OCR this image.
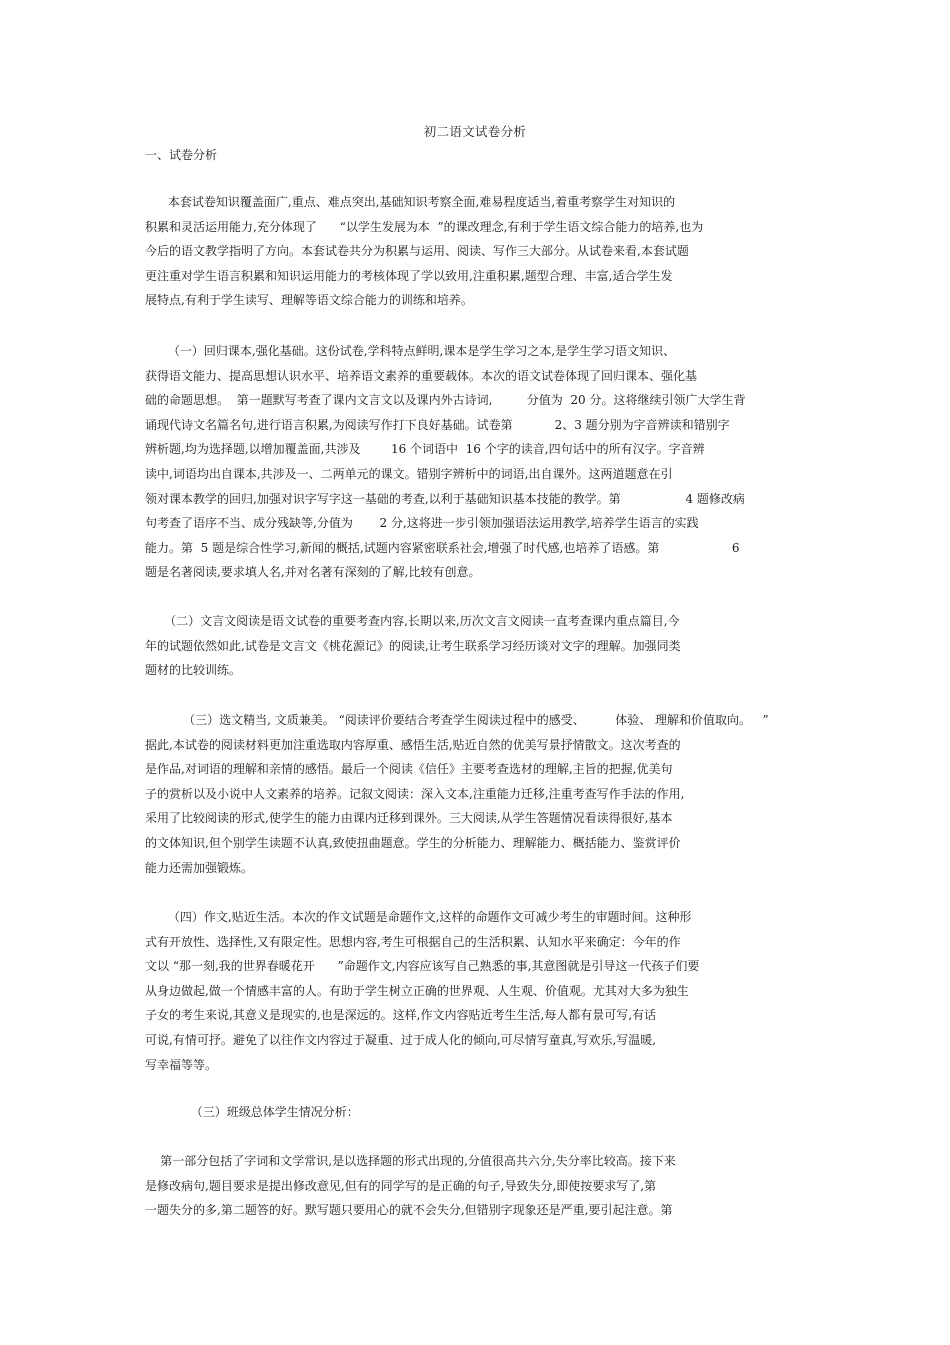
初二语文试卷分析
一、试卷分析
本套试卷知识覆盖面广,重点、难点突出,基础知识考察全面,难易程度适当,着重考察学生对知识的
积累和灵活运用能力,充分体现了      “以学生发展为本  ”的课改理念,有利于学生语文综合能力的培养,也为
今后的语文教学指明了方向。本套试卷共分为积累与运用、阅读、写作三大部分。从试卷来看,本套试题
更注重对学生语言积累和知识运用能力的考核体现了学以致用,注重积累,题型合理、丰富,适合学生发
展特点,有利于学生读写、理解等语文综合能力的训练和培养。
（一）回归课本,强化基础。这份试卷,学科特点鲜明,课本是学生学习之本,是学生学习语文知识、
获得语文能力、提高思想认识水平、培养语文素养的重要载体。本次的语文试卷体现了回归课本、强化基
础的命题思想。  第一题默写考查了课内文言文以及课内外古诗词,         分值为  20 分。这将继续引领广大学生背
诵现代诗文名篇名句,进行语言积累,为阅读写作打下良好基础。试卷第           2、3 题分别为字音辨读和错别字
辨析题,均为选择题,以增加覆盖面,共涉及        16 个词语中  16 个字的读音,四句话中的所有汉字。字音辨
读中,词语均出自课本,共涉及一、二两单元的课文。错别字辨析中的词语,出自课外。这两道题意在引
领对课本教学的回归,加强对识字写字这一基础的考查,以利于基础知识基本技能的教学。第                 4 题修改病
句考查了语序不当、成分残缺等,分值为       2 分,这将进一步引领加强语法运用教学,培养学生语言的实践
能力。第  5 题是综合性学习,新闻的概括,试题内容紧密联系社会,增强了时代感,也培养了语感。第                   6
题是名著阅读,要求填人名,并对名著有深刻的了解,比较有创意。
（二）文言文阅读是语文试卷的重要考查内容,长期以来,历次文言文阅读一直考查课内重点篇目,今
年的试题依然如此,试卷是文言文《桃花源记》的阅读,让考生联系学习经历谈对文字的理解。加强同类
题材的比较训练。
（三）选文精当, 文质兼美。 “阅读评价要结合考查学生阅读过程中的感受、        体验、 理解和价值取向。   ”
据此,本试卷的阅读材料更加注重选取内容厚重、感悟生活,贴近自然的优美写景抒情散文。这次考查的
是作品,对词语的理解和亲情的感悟。最后一个阅读《信任》主要考查选材的理解,主旨的把握,优美句
子的赏析以及小说中人文素养的培养。记叙文阅读：深入文本,注重能力迁移,注重考查写作手法的作用,
采用了比较阅读的形式,使学生的能力由课内迁移到课外。三大阅读,从学生答题情况看读得很好,基本
的文体知识,但个别学生读题不认真,致使扭曲题意。学生的分析能力、理解能力、概括能力、鉴赏评价
能力还需加强锻炼。
（四）作文,贴近生活。本次的作文试题是命题作文,这样的命题作文可减少考生的审题时间。这种形
式有开放性、选择性,又有限定性。思想内容,考生可根据自己的生活积累、认知水平来确定：今年的作
文以 “那一刻,我的世界春暖花开      ”命题作文,内容应该写自己熟悉的事,其意图就是引导这一代孩子们要
从身边做起,做一个情感丰富的人。有助于学生树立正确的世界观、人生观、价值观。尤其对大多为独生
子女的考生来说,其意义是现实的,也是深远的。这样,作文内容贴近考生生活,每人都有景可写,有话
可说,有情可抒。避免了以往作文内容过于凝重、过于成人化的倾向,可尽情写童真,写欢乐,写温暖,
写幸福等等。
（三）班级总体学生情况分析：
第一部分包括了字词和文学常识,是以选择题的形式出现的,分值很高共六分,失分率比较高。接下来
是修改病句,题目要求是提出修改意见,但有的同学写的是正确的句子,导致失分,即使按要求写了,第
一题失分的多,第二题答的好。默写题只要用心的就不会失分,但错别字现象还是严重,要引起注意。第
